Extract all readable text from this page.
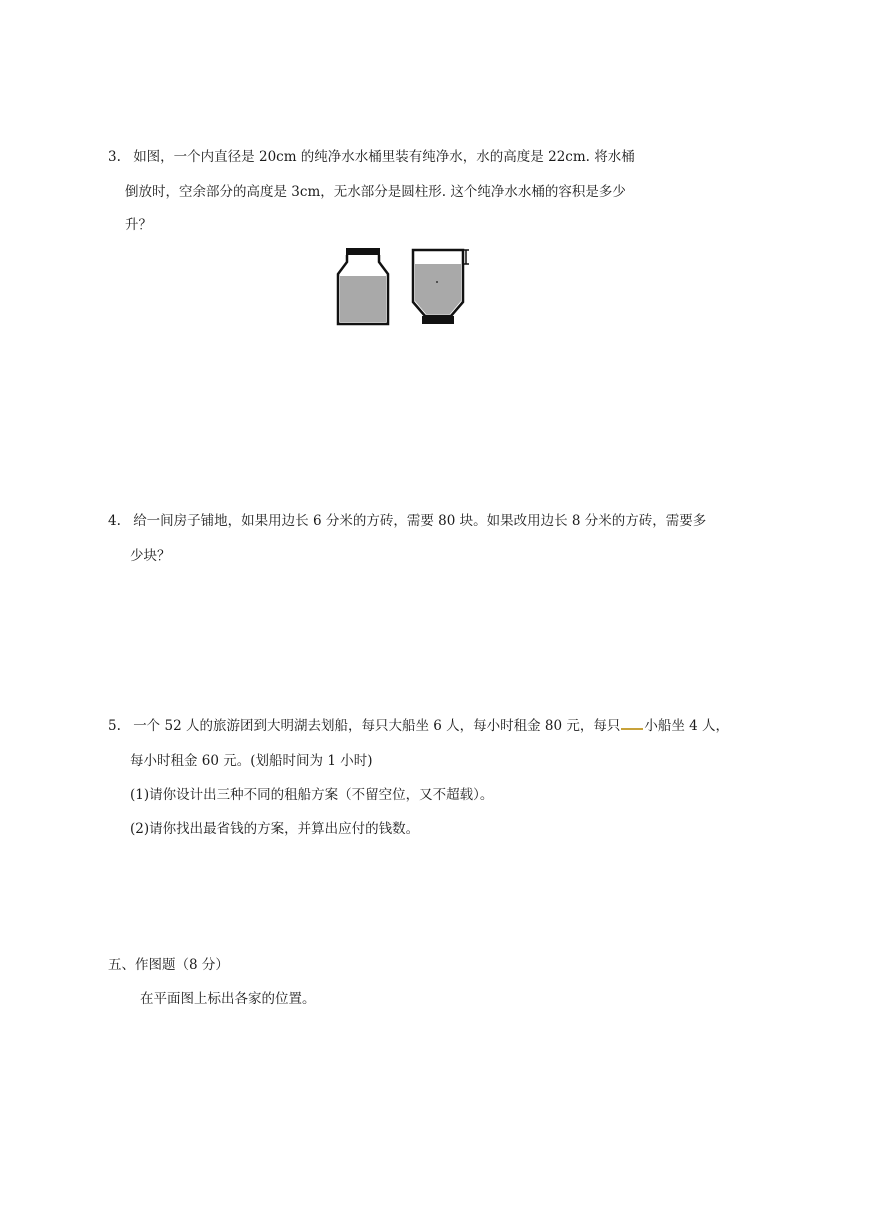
3. 如图，一个内直径是 20cm 的纯净水水桶里装有纯净水，水的高度是 22cm. 将水桶
倒放时，空余部分的高度是 3cm，无水部分是圆柱形. 这个纯净水水桶的容积是多少
升？
4. 给一间房子铺地，如果用边长 6 分米的方砖，需要 80 块。如果改用边长 8 分米的方砖，需要多
少块？
5. 一个 52 人的旅游团到大明湖去划船，每只大船坐 6 人，每小时租金 80 元，每只 小船坐 4 人，
每小时租金 60 元。(划船时间为 1 小时)
(1)请你设计出三种不同的租船方案（不留空位，又不超载）。
(2)请你找出最省钱的方案，并算出应付的钱数。
五、作图题（8 分）
在平面图上标出各家的位置。
